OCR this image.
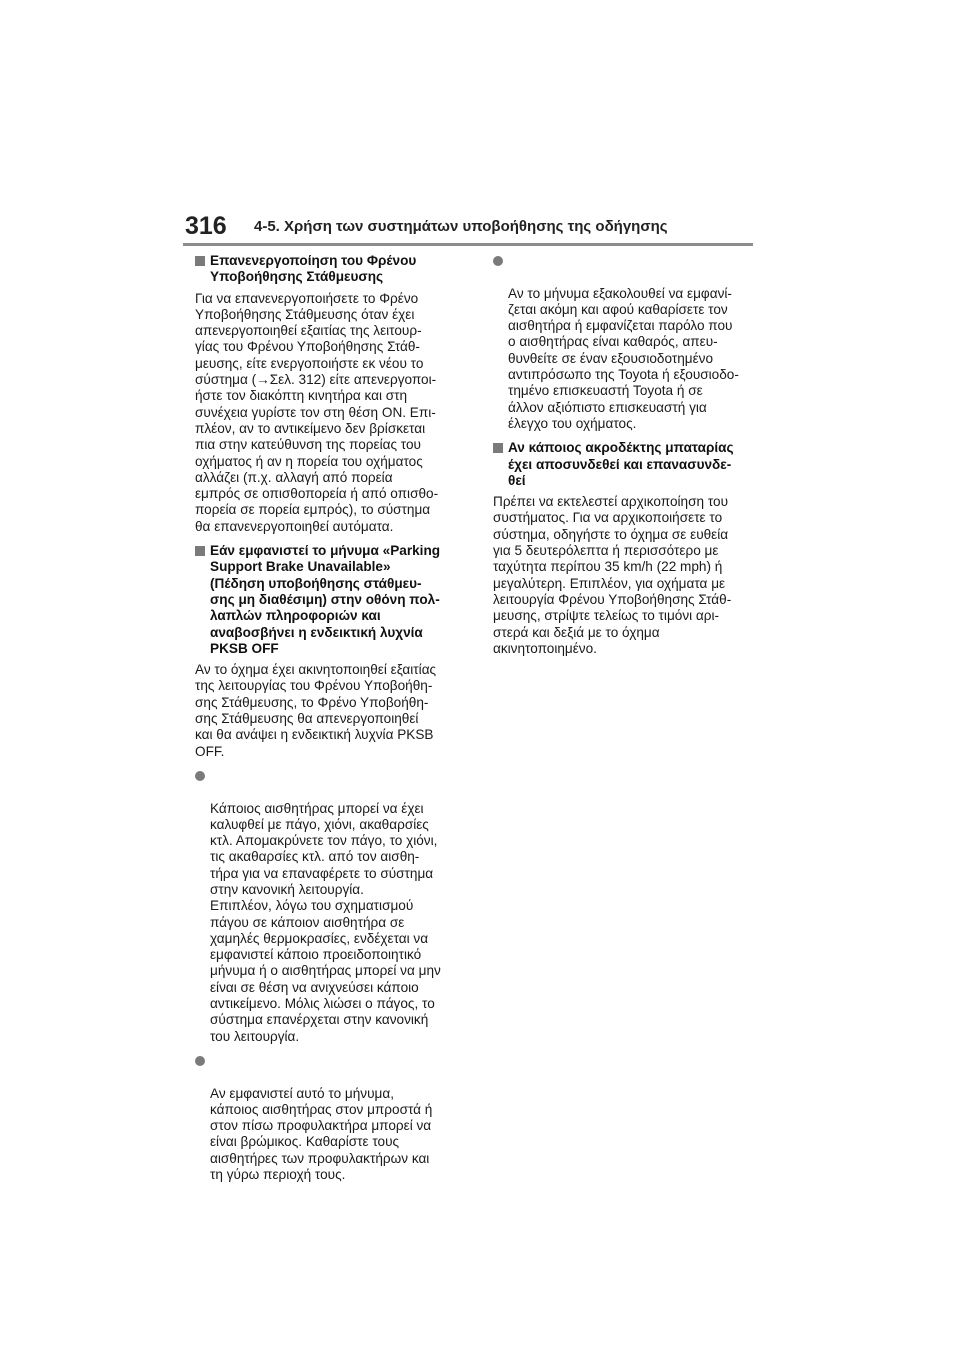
316 4-5. Χρήση των συστημάτων υποβοήθησης της οδήγησης
Επανενεργοποίηση του Φρένου
Υποβοήθησης Στάθμευσης
Για να επανενεργοποιήσετε το Φρένο
Υποβοήθησης Στάθμευσης όταν έχει
απενεργοποιηθεί εξαιτίας της λειτουρ-
γίας του Φρένου Υποβοήθησης Στάθ-
μευσης, είτε ενεργοποιήστε εκ νέου το
σύστημα (→Σελ. 312) είτε απενεργοποι-
ήστε τον διακόπτη κινητήρα και στη
συνέχεια γυρίστε τον στη θέση ON. Επι-
πλέον, αν το αντικείμενο δεν βρίσκεται
πια στην κατεύθυνση της πορείας του
οχήματος ή αν η πορεία του οχήματος
αλλάζει (π.χ. αλλαγή από πορεία
εμπρός σε οπισθοπορεία ή από οπισθο-
πορεία σε πορεία εμπρός), το σύστημα
θα επανενεργοποιηθεί αυτόματα.
Εάν εμφανιστεί το μήνυμα «Parking
Support Brake Unavailable»
(Πέδηση υποβοήθησης στάθμευ-
σης μη διαθέσιμη) στην οθόνη πολ-
λαπλών πληροφοριών και
αναβοσβήνει η ενδεικτική λυχνία
PKSB OFF
Αν το όχημα έχει ακινητοποιηθεί εξαιτίας
της λειτουργίας του Φρένου Υποβοήθη-
σης Στάθμευσης, το Φρένο Υποβοήθη-
σης Στάθμευσης θα απενεργοποιηθεί
και θα ανάψει η ενδεικτική λυχνία PKSB
OFF.

Κάποιος αισθητήρας μπορεί να έχει
καλυφθεί με πάγο, χιόνι, ακαθαρσίες
κτλ. Απομακρύνετε τον πάγο, το χιόνι,
τις ακαθαρσίες κτλ. από τον αισθη-
τήρα για να επαναφέρετε το σύστημα
στην κανονική λειτουργία.
Επιπλέον, λόγω του σχηματισμού
πάγου σε κάποιον αισθητήρα σε
χαμηλές θερμοκρασίες, ενδέχεται να
εμφανιστεί κάποιο προειδοποιητικό
μήνυμα ή ο αισθητήρας μπορεί να μην
είναι σε θέση να ανιχνεύσει κάποιο
αντικείμενο. Μόλις λιώσει ο πάγος, το
σύστημα επανέρχεται στην κανονική
του λειτουργία.

Αν εμφανιστεί αυτό το μήνυμα,
κάποιος αισθητήρας στον μπροστά ή
στον πίσω προφυλακτήρα μπορεί να
είναι βρώμικος. Καθαρίστε τους
αισθητήρες των προφυλακτήρων και
τη γύρω περιοχή τους.

Αν το μήνυμα εξακολουθεί να εμφανί-
ζεται ακόμη και αφού καθαρίσετε τον
αισθητήρα ή εμφανίζεται παρόλο που
ο αισθητήρας είναι καθαρός, απευ-
θυνθείτε σε έναν εξουσιοδοτημένο
αντιπρόσωπο της Toyota ή εξουσιοδο-
τημένο επισκευαστή Toyota ή σε
άλλον αξιόπιστο επισκευαστή για
έλεγχο του οχήματος.

Αν κάποιος ακροδέκτης μπαταρίας
έχει αποσυνδεθεί και επανασυνδε-
θεί
Πρέπει να εκτελεστεί αρχικοποίηση του
συστήματος. Για να αρχικοποιήσετε το
σύστημα, οδηγήστε το όχημα σε ευθεία
για 5 δευτερόλεπτα ή περισσότερο με
ταχύτητα περίπου 35 km/h (22 mph) ή
μεγαλύτερη. Επιπλέον, για οχήματα με
λειτουργία Φρένου Υποβοήθησης Στάθ-
μευσης, στρίψτε τελείως το τιμόνι αρι-
στερά και δεξιά με το όχημα
ακινητοποιημένο.
